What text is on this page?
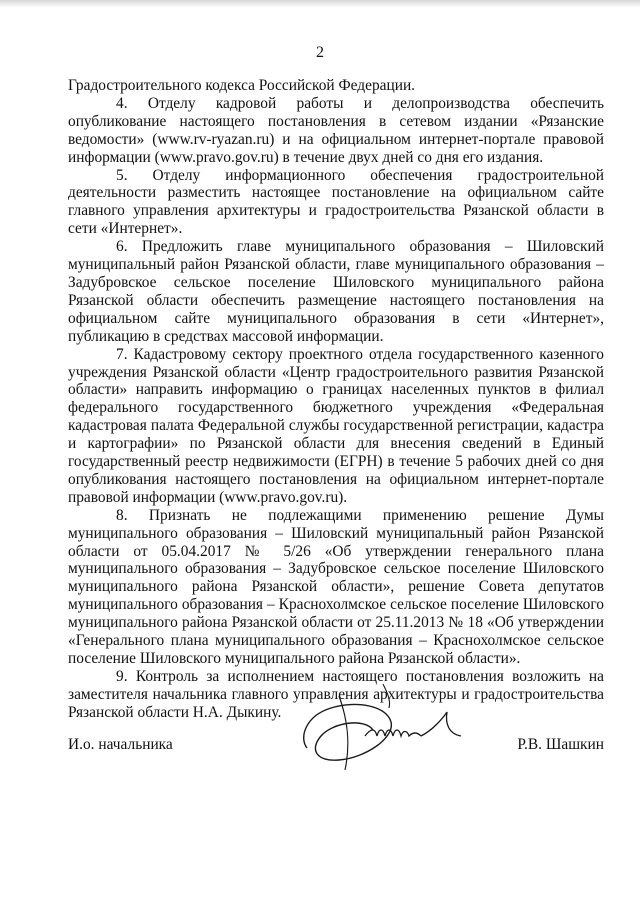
2

Градостроительного кодекса Российской Федерации.

4. Отделу кадровой работы и делопроизводства обеспечить опубликование настоящего постановления в сетевом издании «Рязанские ведомости» (www.rv-ryazan.ru) и на официальном интернет-портале правовой информации (www.pravo.gov.ru) в течение двух дней со дня его издания.

5. Отделу информационного обеспечения градостроительной деятельности разместить настоящее постановление на официальном сайте главного управления архитектуры и градостроительства Рязанской области в сети «Интернет».

6. Предложить главе муниципального образования – Шиловский муниципальный район Рязанской области, главе муниципального образования – Задубровское сельское поселение Шиловского муниципального района Рязанской области обеспечить размещение настоящего постановления на официальном сайте муниципального образования в сети «Интернет», публикацию в средствах массовой информации.

7. Кадастровому сектору проектного отдела государственного казенного учреждения Рязанской области «Центр градостроительного развития Рязанской области» направить информацию о границах населенных пунктов в филиал федерального государственного бюджетного учреждения «Федеральная кадастровая палата Федеральной службы государственной регистрации, кадастра и картографии» по Рязанской области для внесения сведений в Единый государственный реестр недвижимости (ЕГРН) в течение 5 рабочих дней со дня опубликования настоящего постановления на официальном интернет-портале правовой информации (www.pravo.gov.ru).

8. Признать не подлежащими применению решение Думы муниципального образования – Шиловский муниципальный район Рязанской области от 05.04.2017 № 5/26 «Об утверждении генерального плана муниципального образования – Задубровское сельское поселение Шиловского муниципального района Рязанской области», решение Совета депутатов муниципального образования – Краснохолмское сельское поселение Шиловского муниципального района Рязанской области от 25.11.2013 № 18 «Об утверждении «Генерального плана муниципального образования – Краснохолмское сельское поселение Шиловского муниципального района Рязанской области».

9. Контроль за исполнением настоящего постановления возложить на заместителя начальника главного управления архитектуры и градостроительства Рязанской области Н.А. Дыкину.

И.о. начальника	Р.В. Шашкин
